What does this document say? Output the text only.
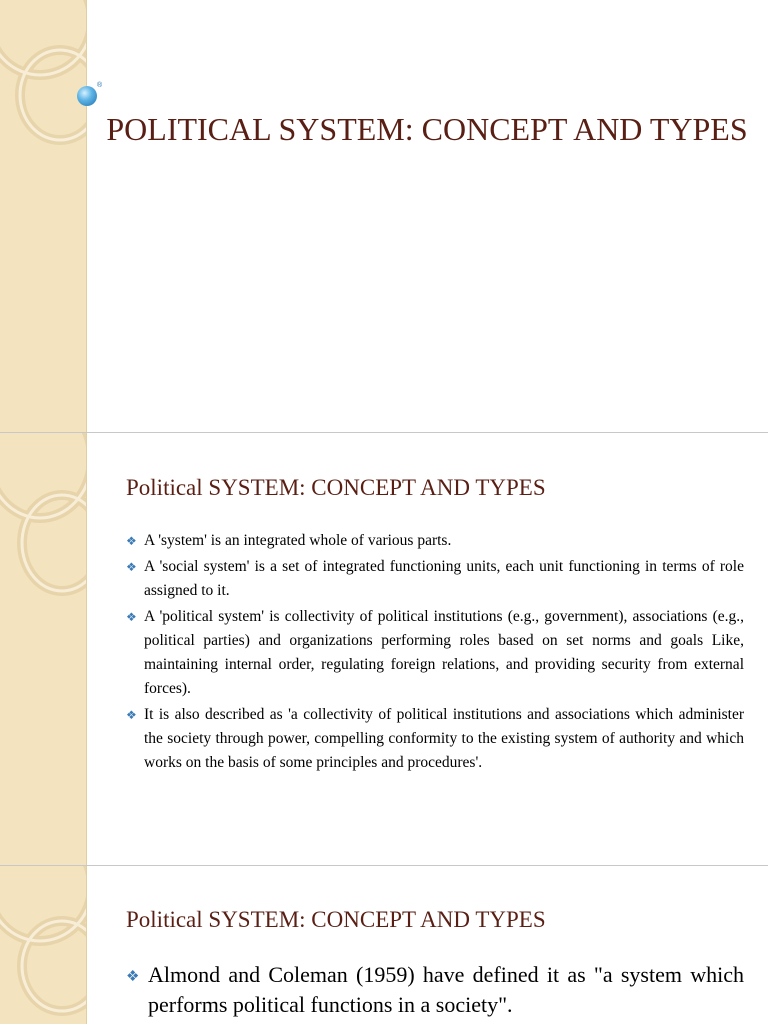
®
POLITICAL SYSTEM: CONCEPT AND TYPES
Political SYSTEM: CONCEPT AND TYPES
❖ A 'system' is an integrated whole of various parts.
❖ A 'social system' is a set of integrated functioning units, each unit functioning in terms of role assigned to it.
❖ A 'political system' is collectivity of political institutions (e.g., government), associations (e.g., political parties) and organizations performing roles based on set norms and goals Like, maintaining internal order, regulating foreign relations, and providing security from external forces).
❖ It is also described as 'a collectivity of political institutions and associations which administer the society through power, compelling conformity to the existing system of authority and which works on the basis of some principles and procedures'.
Political SYSTEM: CONCEPT AND TYPES
❖ Almond and Coleman (1959) have defined it as "a system which performs political functions in a society".
